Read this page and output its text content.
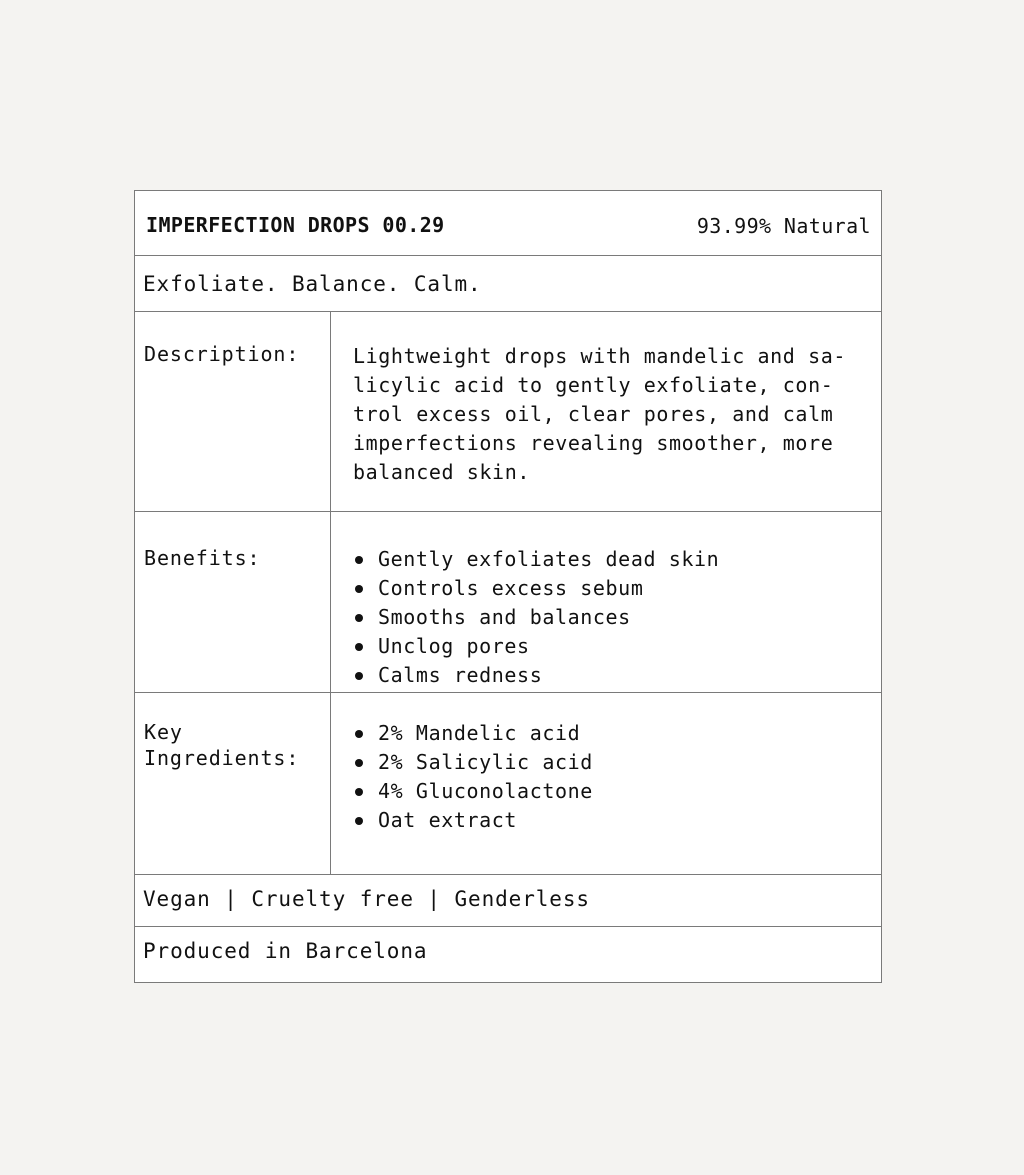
IMPERFECTION DROPS 00.29	93.99% Natural
Exfoliate. Balance. Calm.
Description:	Lightweight drops with mandelic and sa-
licylic acid to gently exfoliate, con-
trol excess oil, clear pores, and calm
imperfections revealing smoother, more
balanced skin.
Benefits:	Gently exfoliates dead skin
Controls excess sebum
Smooths and balances
Unclog pores
Calms redness
Key
Ingredients:
2% Mandelic acid
2% Salicylic acid
4% Gluconolactone
Oat extract
Vegan | Cruelty free | Genderless
Produced in Barcelona
